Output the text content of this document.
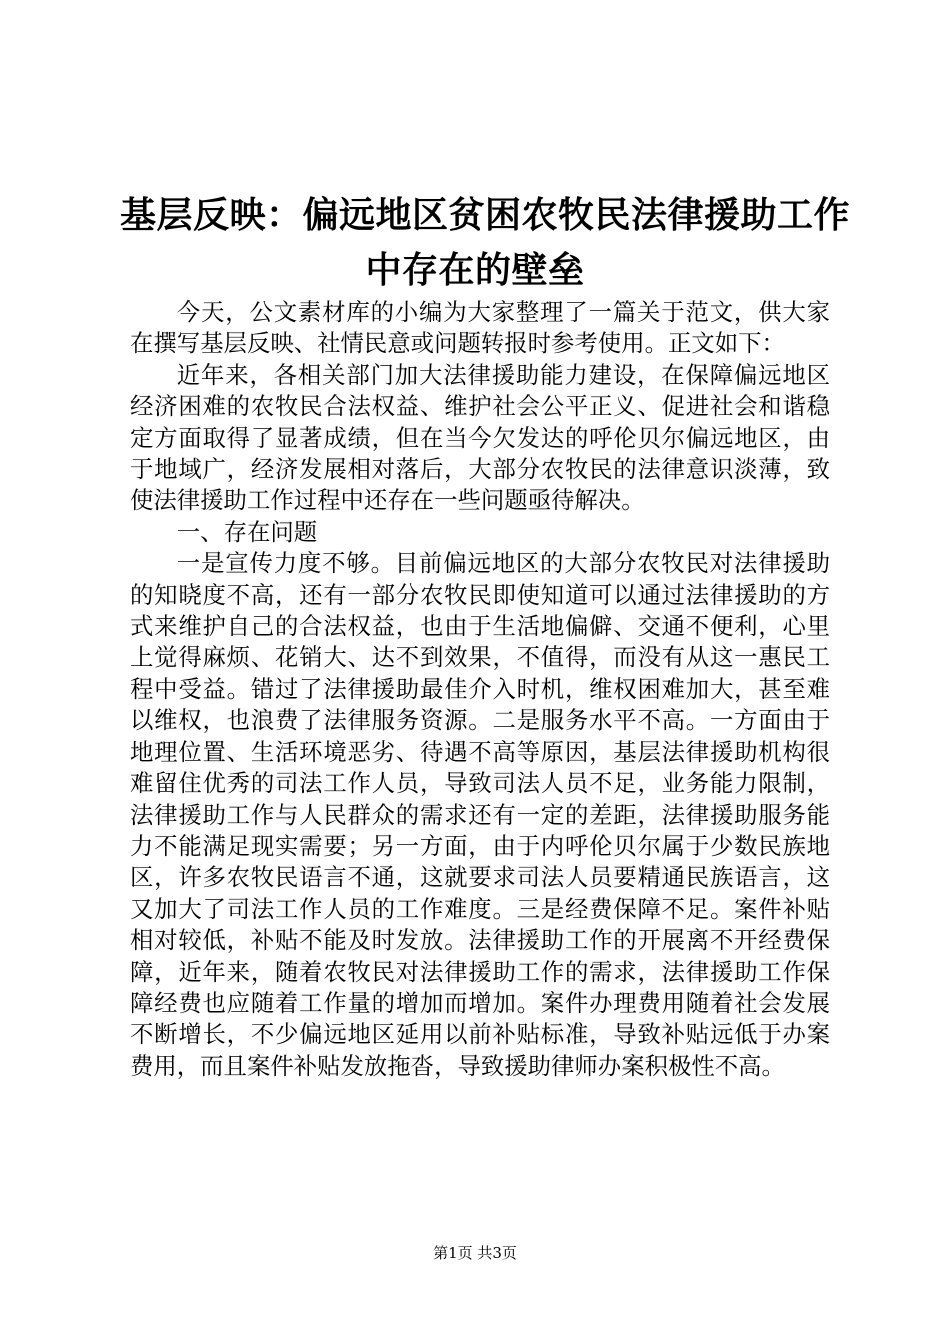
基层反映：偏远地区贫困农牧民法律援助工作
中存在的壁垒

今天，公文素材库的小编为大家整理了一篇关于范文，供大家在撰写基层反映、社情民意或问题转报时参考使用。正文如下：

近年来，各相关部门加大法律援助能力建设，在保障偏远地区经济困难的农牧民合法权益、维护社会公平正义、促进社会和谐稳定方面取得了显著成绩，但在当今欠发达的呼伦贝尔偏远地区，由于地域广，经济发展相对落后，大部分农牧民的法律意识淡薄，致使法律援助工作过程中还存在一些问题亟待解决。

一、存在问题

一是宣传力度不够。目前偏远地区的大部分农牧民对法律援助的知晓度不高，还有一部分农牧民即使知道可以通过法律援助的方式来维护自己的合法权益，也由于生活地偏僻、交通不便利，心里上觉得麻烦、花销大、达不到效果，不值得，而没有从这一惠民工程中受益。错过了法律援助最佳介入时机，维权困难加大，甚至难以维权，也浪费了法律服务资源。二是服务水平不高。一方面由于地理位置、生活环境恶劣、待遇不高等原因，基层法律援助机构很难留住优秀的司法工作人员，导致司法人员不足，业务能力限制，法律援助工作与人民群众的需求还有一定的差距，法律援助服务能力不能满足现实需要；另一方面，由于内呼伦贝尔属于少数民族地区，许多农牧民语言不通，这就要求司法人员要精通民族语言，这又加大了司法工作人员的工作难度。三是经费保障不足。案件补贴相对较低，补贴不能及时发放。法律援助工作的开展离不开经费保障，近年来，随着农牧民对法律援助工作的需求，法律援助工作保障经费也应随着工作量的增加而增加。案件办理费用随着社会发展不断增长，不少偏远地区延用以前补贴标准，导致补贴远低于办案费用，而且案件补贴发放拖沓，导致援助律师办案积极性不高。

第1页 共3页
